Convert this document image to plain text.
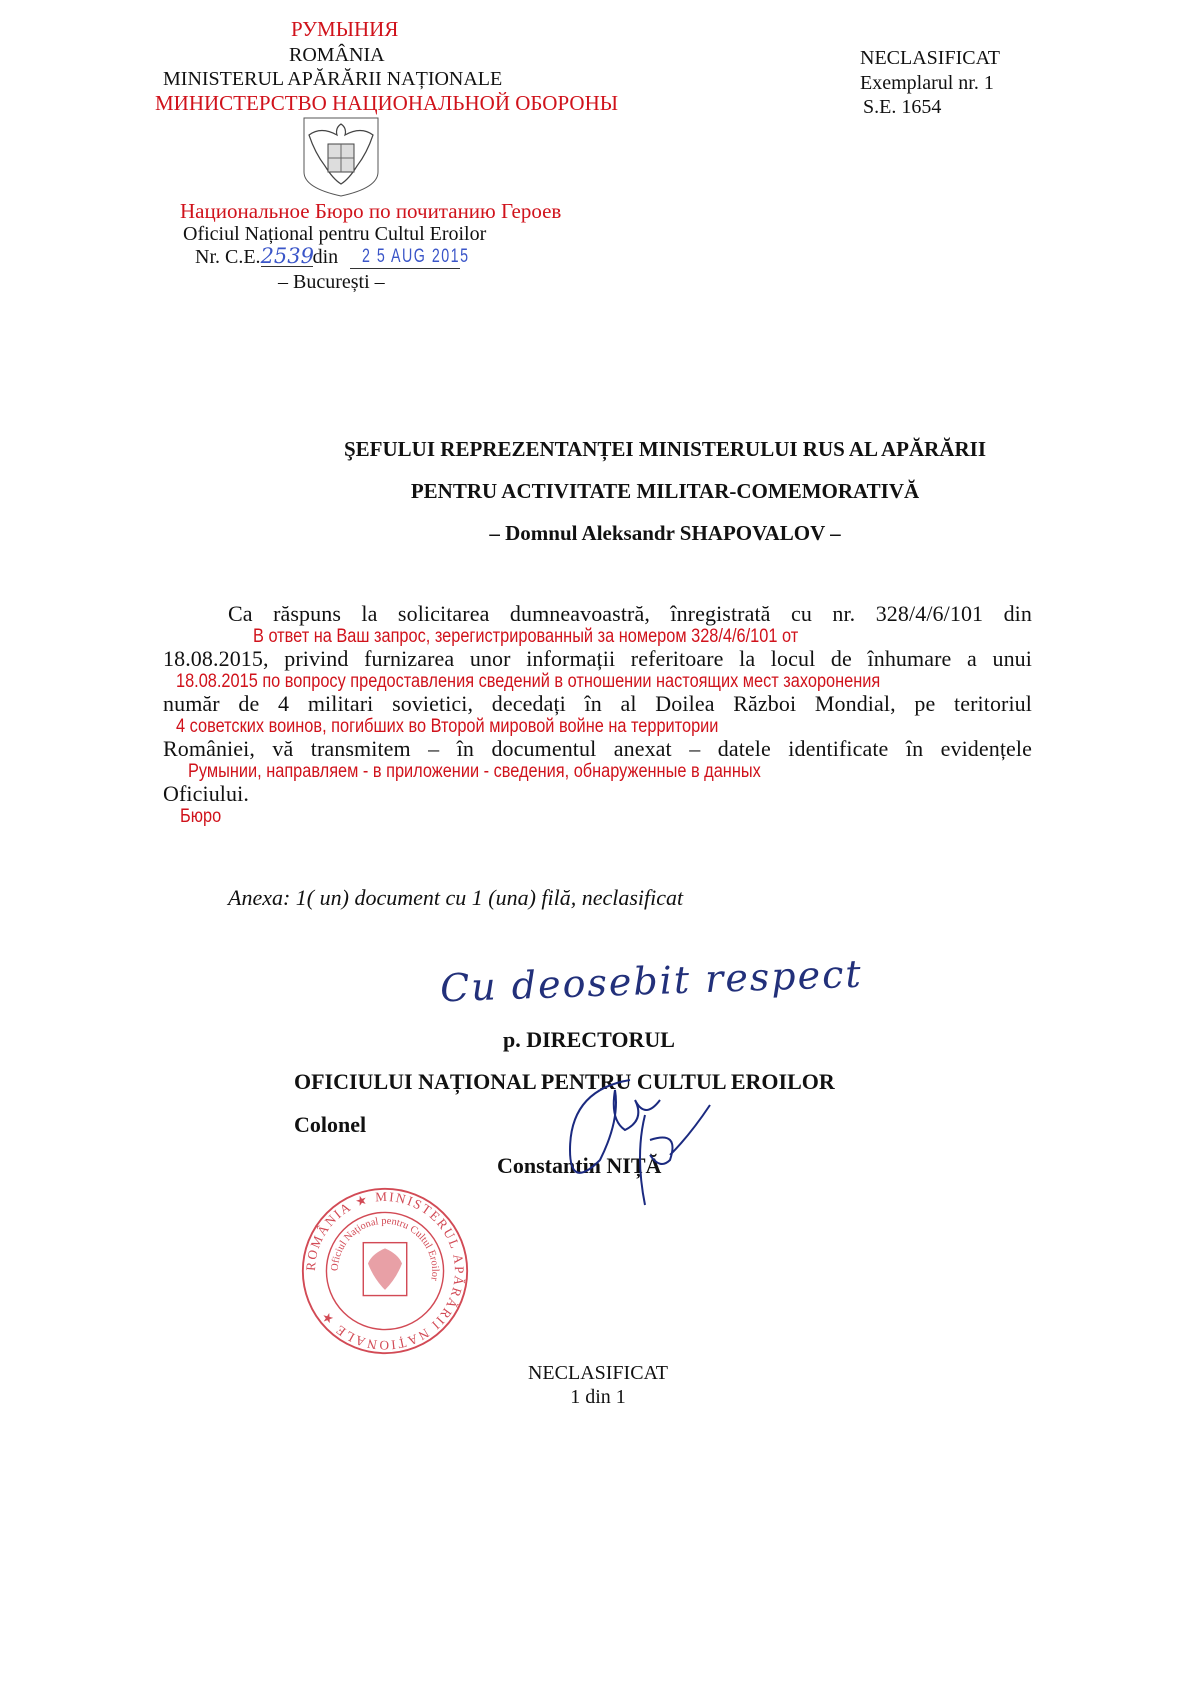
РУМЫНИЯ
ROMÂNIA
MINISTERUL APĂRĂRII NAȚIONALE
МИНИСТЕРСТВО НАЦИОНАЛЬНОЙ ОБОРОНЫ
Национальное Бюро по почитанию Героев
Oficiul Național pentru Cultul Eroilor
Nr. C.E.2539din 2 5 AUG 2015
– București –
NECLASIFICAT
Exemplarul nr. 1
S.E. 1654
ŞEFULUI REPREZENTANȚEI MINISTERULUI RUS AL APĂRĂRII
PENTRU ACTIVITATE MILITAR-COMEMORATIVĂ
– Domnul Aleksandr SHAPOVALOV –
Ca răspuns la solicitarea dumneavoastră, înregistrată cu nr. 328/4/6/101 din
В ответ на Ваш запрос, зерегистрированный за номером 328/4/6/101 от
18.08.2015, privind furnizarea unor informații referitoare la locul de înhumare a unui
18.08.2015 по вопросу предоставления сведений в отношении настоящих мест захоронения
număr de 4 militari sovietici, decedați în al Doilea Război Mondial, pe teritoriul
4 советских воинов, погибших во Второй мировой войне на территории
României, vă transmitem – în documentul anexat – datele identificate în evidențele
Румынии, направляем - в приложении - сведения, обнаруженные в данных
Oficiului.
Бюро
Anexa: 1( un) document cu 1 (una) filă, neclasificat
Cu deosebit respect
p. DIRECTORUL
OFICIULUI NAȚIONAL PENTRU CULTUL EROILOR
Colonel
Constantin NIȚĂ
ROMÂNIA ★ MINISTERUL APĂRĂRII NAȚIONALE ★
Oficiul Național pentru Cultul Eroilor
NECLASIFICAT
1 din 1
